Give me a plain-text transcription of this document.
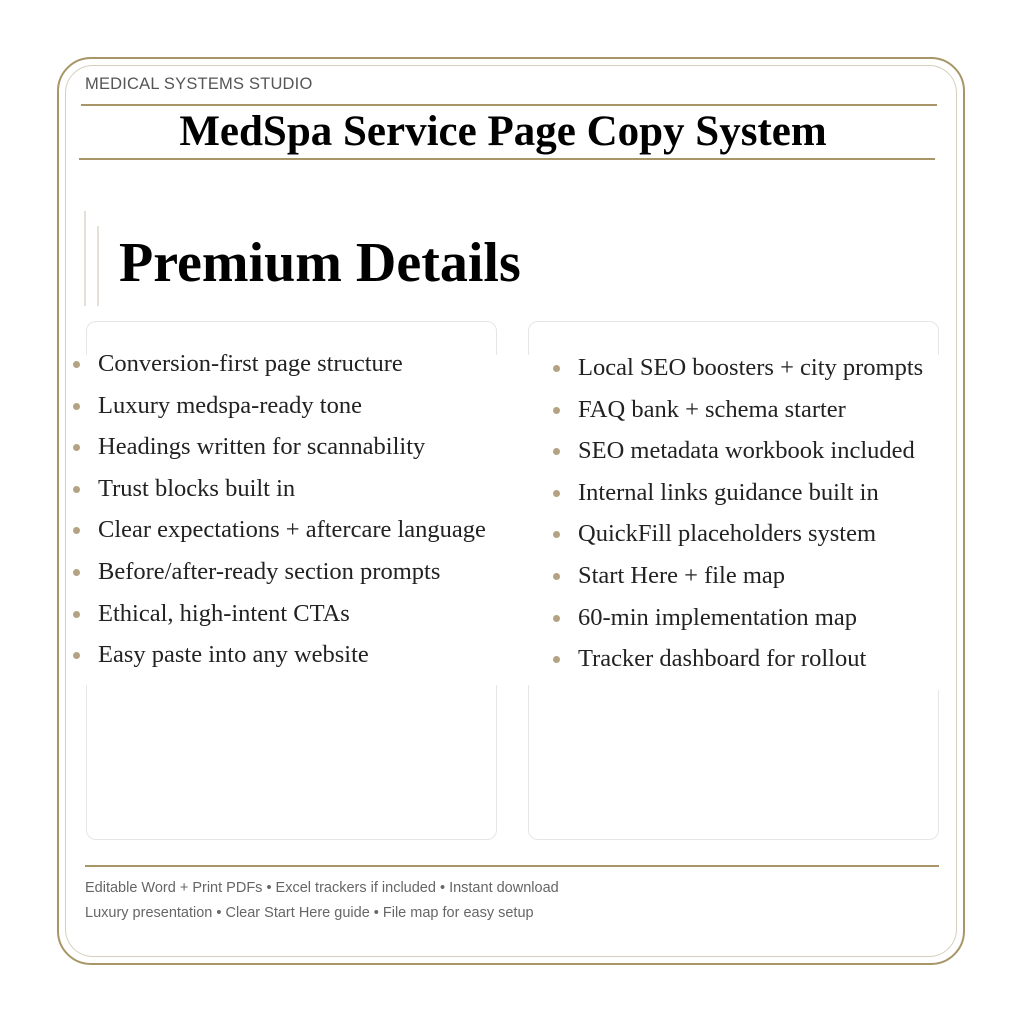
MEDICAL SYSTEMS STUDIO
MedSpa Service Page Copy System
Premium Details
Conversion-first page structure
Luxury medspa-ready tone
Headings written for scannability
Trust blocks built in
Clear expectations + aftercare language
Before/after-ready section prompts
Ethical, high-intent CTAs
Easy paste into any website
Local SEO boosters + city prompts
FAQ bank + schema starter
SEO metadata workbook included
Internal links guidance built in
QuickFill placeholders system
Start Here + file map
60-min implementation map
Tracker dashboard for rollout
Editable Word + Print PDFs • Excel trackers if included • Instant download
Luxury presentation • Clear Start Here guide • File map for easy setup
